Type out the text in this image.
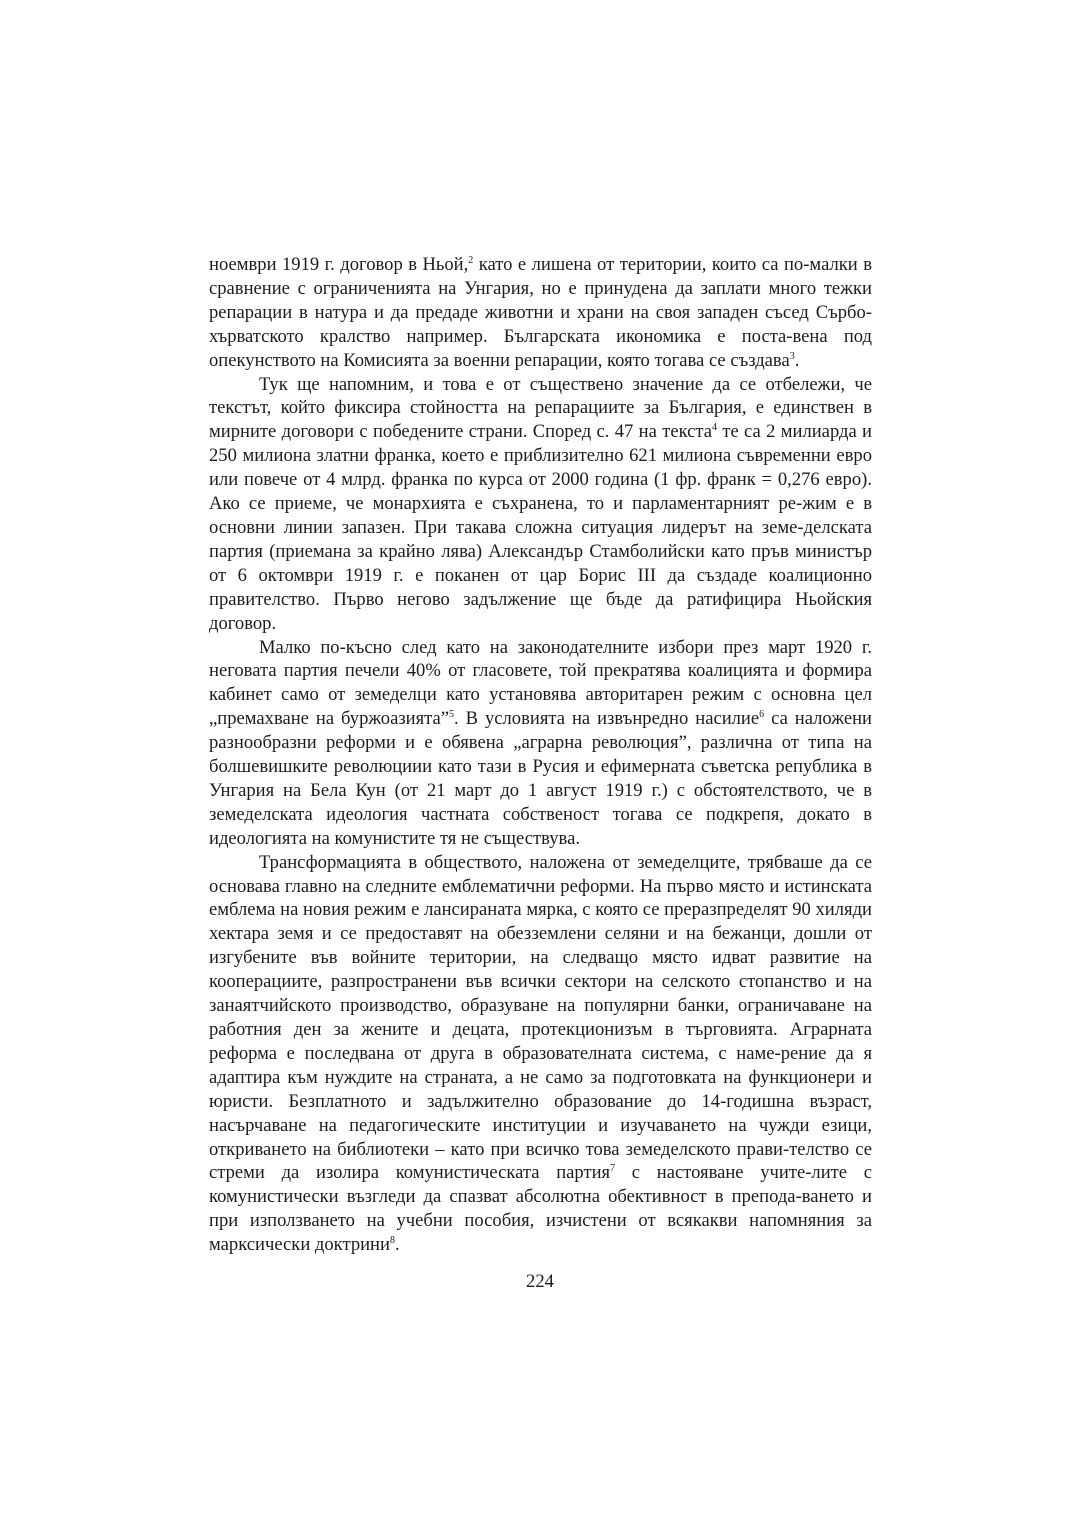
ноември 1919 г. договор в Ньой,$^2$ като е лишена от територии, които са по-малки в сравнение с ограниченията на Унгария, но е принудена да заплати много тежки репарации в натура и да предаде животни и храни на своя западен съсед Сърбо-хърватското кралство например. Българската икономика е поста-вена под опекунството на Комисията за военни репарации, която тогава се създава$^3$.

Тук ще напомним, и това е от съществено значение да се отбележи, че текстът, който фиксира стойността на репарациите за България, е единствен в мирните договори с победените страни. Според с. 47 на текста$^4$ те са 2 милиарда и 250 милиона златни франка, което е приблизително 621 милиона съвременни евро или повече от 4 млрд. франка по курса от 2000 година (1 фр. франк = 0,276 евро). Ако се приеме, че монархията е съхранена, то и парламентарният ре-жим е в основни линии запазен. При такава сложна ситуация лидерът на земе-делската партия (приемана за крайно лява) Александър Стамболийски като пръв министър от 6 октомври 1919 г. е поканен от цар Борис III да създаде коалиционно правителство. Първо негово задължение ще бъде да ратифицира Ньойския договор.

Малко по-късно след като на законодателните избори през март 1920 г. неговата партия печели 40% от гласовете, той прекратява коалицията и формира кабинет само от земеделци като установява авторитарен режим с основна цел „премахване на буржоазията”$^5$. В условията на извънредно насилие$^6$ са наложени разнообразни реформи и е обявена „аграрна революция”, различна от типа на болшевишките революциии като тази в Русия и ефимерната съветска република в Унгария на Бела Кун (от 21 март до 1 август 1919 г.) с обстоятелството, че в земеделската идеология частната собственост тогава се подкрепя, докато в идеологията на комунистите тя не съществува.

Трансформацията в обществото, наложена от земеделците, трябваше да се основава главно на следните емблематични реформи. На първо място и истинската емблема на новия режим е лансираната мярка, с която се преразпределят 90 хиляди хектара земя и се предоставят на обезземлени селяни и на бежанци, дошли от изгубените във войните територии, на следващо място идват развитие на кооперациите, разпространени във всички сектори на селското стопанство и на занаятчийското производство, образуване на популярни банки, ограничаване на работния ден за жените и децата, протекционизъм в търговията. Аграрната реформа е последвана от друга в образователната система, с наме-рение да я адаптира към нуждите на страната, а не само за подготовката на функционери и юристи. Безплатното и задължително образование до 14-годишна възраст, насърчаване на педагогическите институции и изучаването на чужди езици, откриването на библиотеки – като при всичко това земеделското прави-телство се стреми да изолира комунистическата партия$^7$ с настояване учите-лите с комунистически възгледи да спазват абсолютна обективност в препода-ването и при използването на учебни пособия, изчистени от всякакви напомняния за марксически доктрини$^8$.

224
